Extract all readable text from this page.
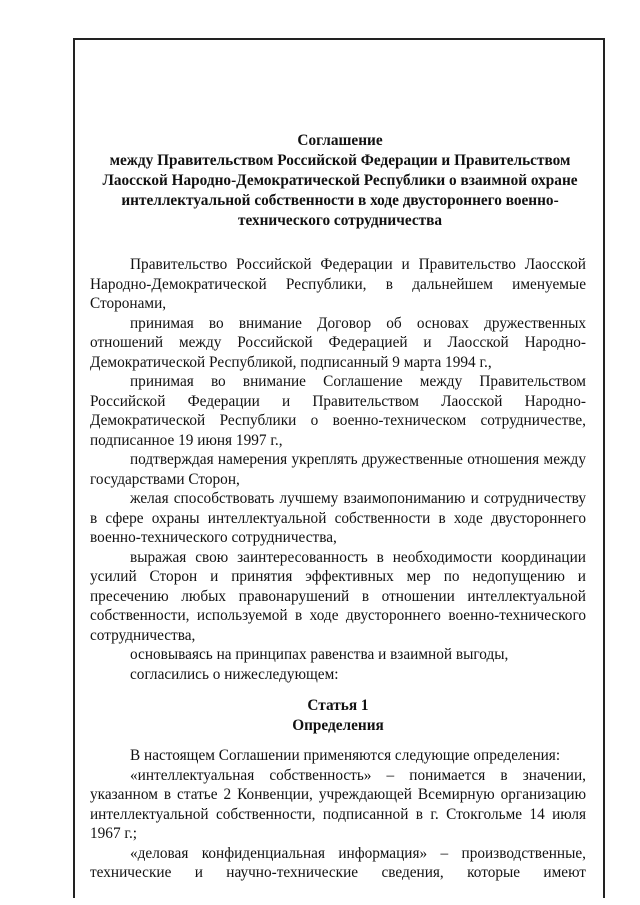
Соглашение
между Правительством Российской Федерации и Правительством
Лаосской Народно-Демократической Республики о взаимной охране
интеллектуальной собственности в ходе двустороннего военно-
технического сотрудничества

Правительство Российской Федерации и Правительство Лаосской Народно-Демократической Республики, в дальнейшем именуемые Сторонами,

принимая во внимание Договор об основах дружественных отношений между Российской Федерацией и Лаосской Народно-Демократической Республикой, подписанный 9 марта 1994 г.,

принимая во внимание Соглашение между Правительством Российской Федерации и Правительством Лаосской Народно-Демократической Республики о военно-техническом сотрудничестве, подписанное 19 июня 1997 г.,

подтверждая намерения укреплять дружественные отношения между государствами Сторон,

желая способствовать лучшему взаимопониманию и сотрудничеству в сфере охраны интеллектуальной собственности в ходе двустороннего военно-технического сотрудничества,

выражая свою заинтересованность в необходимости координации усилий Сторон и принятия эффективных мер по недопущению и пресечению любых правонарушений в отношении интеллектуальной собственности, используемой в ходе двустороннего военно-технического сотрудничества,

основываясь на принципах равенства и взаимной выгоды,

согласились о нижеследующем:

Статья 1
Определения

В настоящем Соглашении применяются следующие определения:

«интеллектуальная собственность» – понимается в значении, указанном в статье 2 Конвенции, учреждающей Всемирную организацию интеллектуальной собственности, подписанной в г. Стокгольме 14 июля 1967 г.;

«деловая конфиденциальная информация» – производственные, технические и научно-технические сведения, которые имеют
